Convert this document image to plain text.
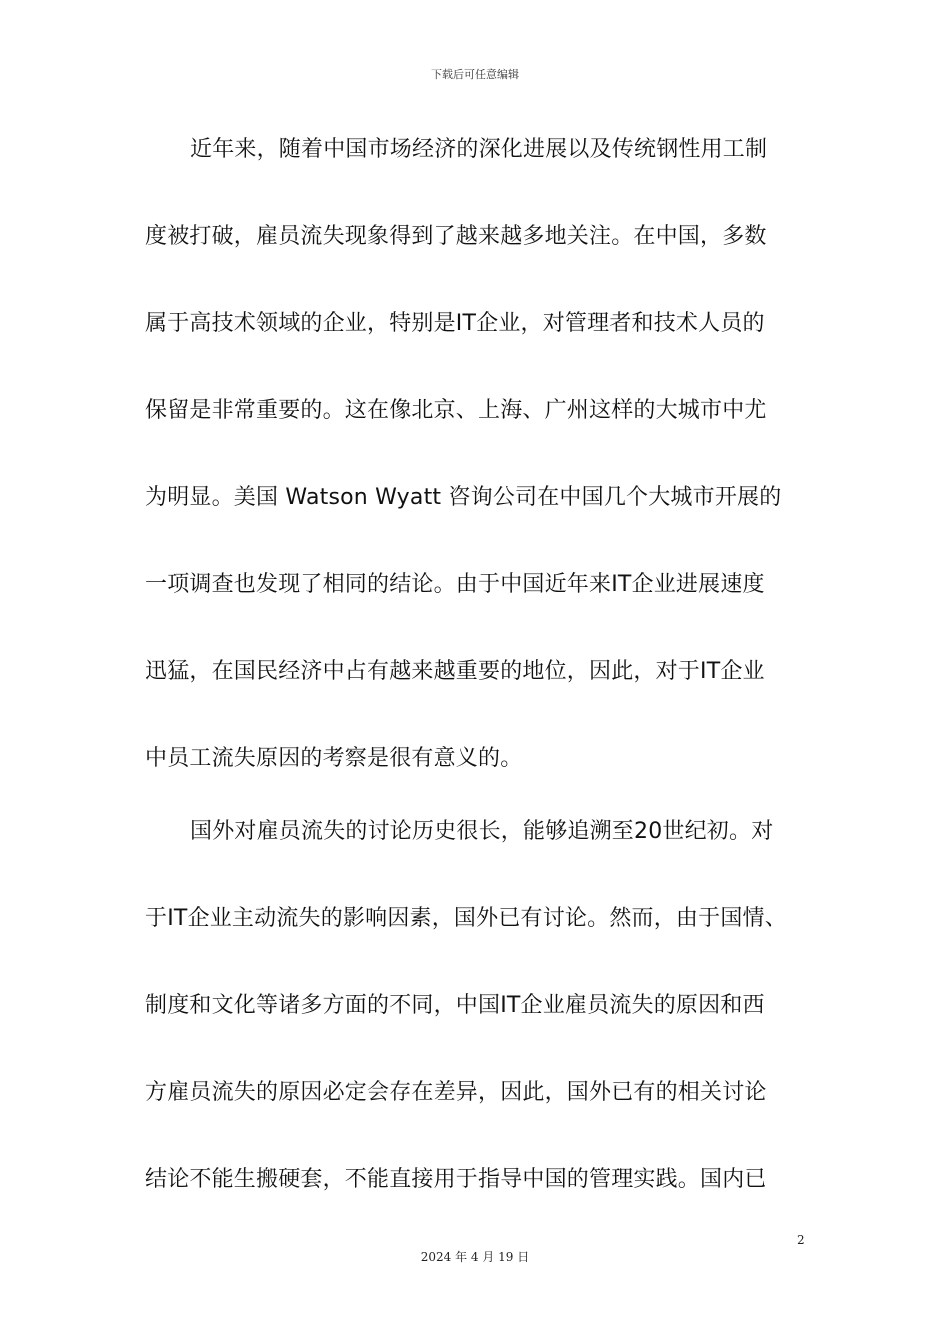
下载后可任意编辑
近年来，随着中国市场经济的深化进展以及传统钢性用工制
度被打破，雇员流失现象得到了越来越多地关注。在中国，多数
属于高技术领域的企业，特别是IT企业，对管理者和技术人员的
保留是非常重要的。这在像北京、上海、广州这样的大城市中尤
为明显。美国 Watson Wyatt 咨询公司在中国几个大城市开展的
一项调查也发现了相同的结论。由于中国近年来IT企业进展速度
迅猛，在国民经济中占有越来越重要的地位，因此，对于IT企业
中员工流失原因的考察是很有意义的。
国外对雇员流失的讨论历史很长，能够追溯至20世纪初。对
于IT企业主动流失的影响因素，国外已有讨论。然而，由于国情、
制度和文化等诸多方面的不同，中国IT企业雇员流失的原因和西
方雇员流失的原因必定会存在差异，因此，国外已有的相关讨论
结论不能生搬硬套，不能直接用于指导中国的管理实践。国内已
2
2024 年 4 月 19 日
